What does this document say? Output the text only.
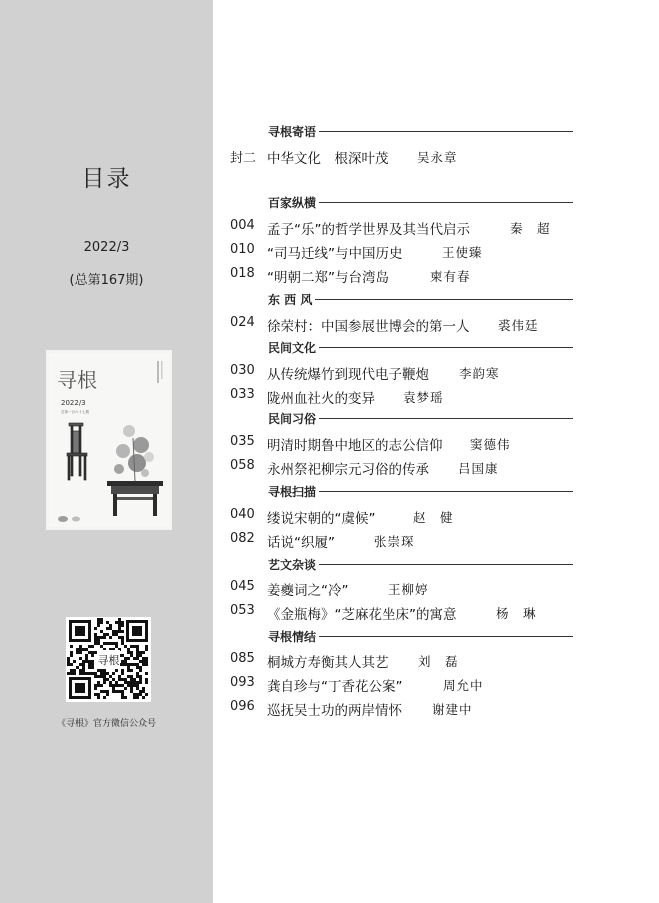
目录
2022/3
(总第167期)
寻根
2022/3
总第一百六十七期
寻根
《寻根》官方微信公众号
寻根寄语
封二 中华文化　根深叶茂 吴永章
百家纵横
004 孟子“乐”的哲学世界及其当代启示	秦　超
010 “司马迁线”与中国历史	王使臻
018 “明朝二郑”与台湾岛	柬有春
东 西 风
024 徐荣村：中国参展世博会的第一人 裘伟廷
民间文化
030 从传统爆竹到现代电子鞭炮 李韵寒
033 陇州血社火的变异 袁梦瑶
民间习俗
035 明清时期鲁中地区的志公信仰 窦德伟
058 永州祭祀柳宗元习俗的传承 吕国康
寻根扫描
040 缕说宋朝的“虞候”	赵　健
082 话说“织履”	张崇琛
艺文杂谈
045 姜夔词之“冷”	王柳婷
053 《金瓶梅》“芝麻花坐床”的寓意	杨　琳
寻根情结
085 桐城方寿衡其人其艺 刘　磊
093 龚自珍与“丁香花公案”	周允中
096 巡抚吴士功的两岸情怀 谢建中
